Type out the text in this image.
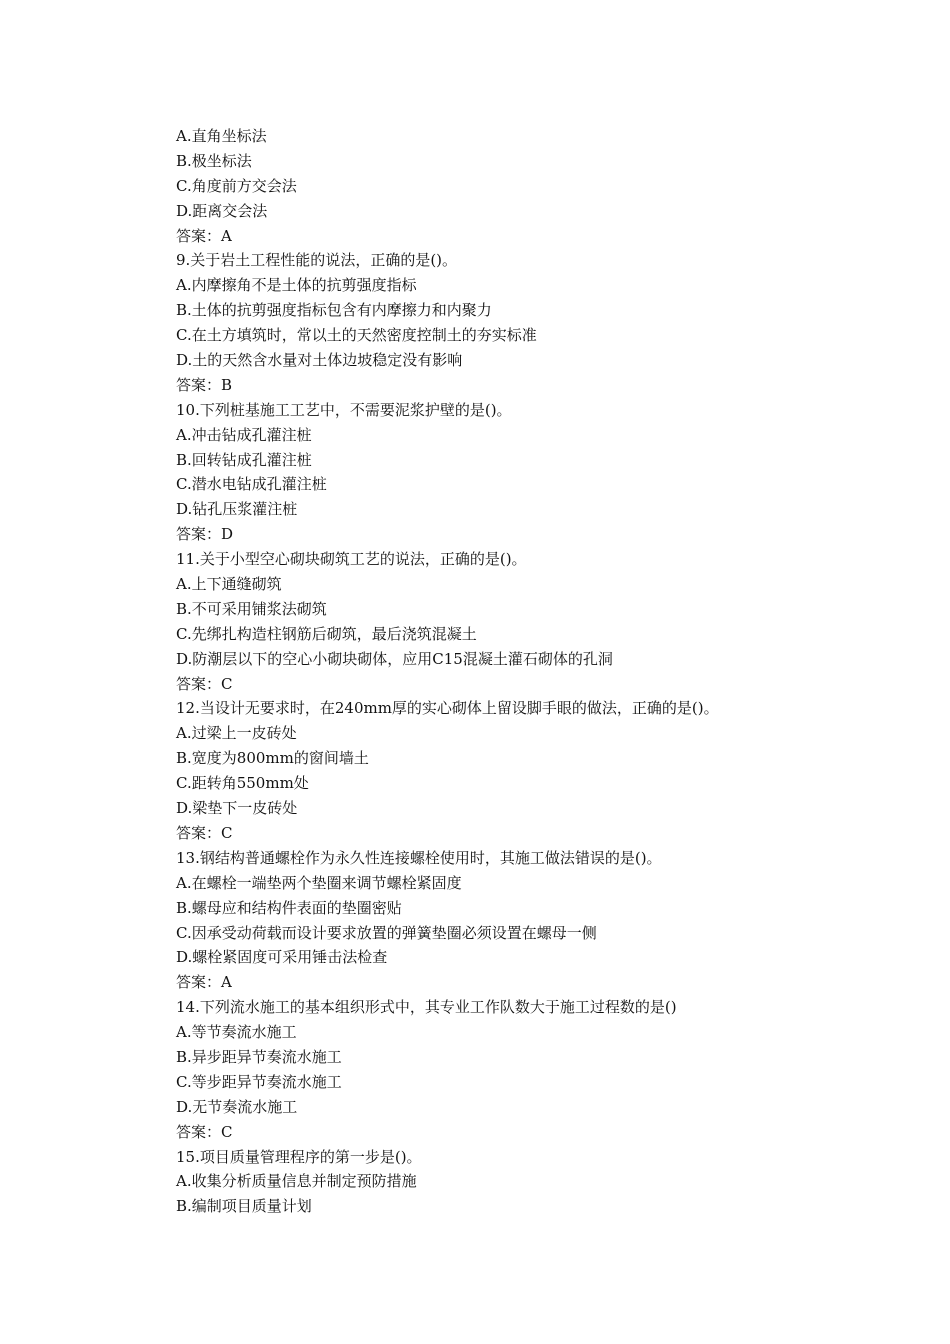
A.直角坐标法
B.极坐标法
C.角度前方交会法
D.距离交会法
答案：A
9.关于岩土工程性能的说法，正确的是()。
A.内摩擦角不是土体的抗剪强度指标
B.土体的抗剪强度指标包含有内摩擦力和内聚力
C.在土方填筑时，常以土的天然密度控制土的夯实标准
D.土的天然含水量对土体边坡稳定没有影响
答案：B
10.下列桩基施工工艺中，不需要泥浆护壁的是()。
A.冲击钻成孔灌注桩
B.回转钻成孔灌注桩
C.潜水电钻成孔灌注桩
D.钻孔压浆灌注桩
答案：D
11.关于小型空心砌块砌筑工艺的说法，正确的是()。
A.上下通缝砌筑
B.不可采用铺浆法砌筑
C.先绑扎构造柱钢筋后砌筑，最后浇筑混凝土
D.防潮层以下的空心小砌块砌体，应用C15混凝土灌石砌体的孔洞
答案：C
12.当设计无要求时，在240mm厚的实心砌体上留设脚手眼的做法，正确的是()。
A.过梁上一皮砖处
B.宽度为800mm的窗间墙土
C.距转角550mm处
D.梁垫下一皮砖处
答案：C
13.钢结构普通螺栓作为永久性连接螺栓使用时，其施工做法错误的是()。
A.在螺栓一端垫两个垫圈来调节螺栓紧固度
B.螺母应和结构件表面的垫圈密贴
C.因承受动荷载而设计要求放置的弹簧垫圈必须设置在螺母一侧
D.螺栓紧固度可采用锤击法检查
答案：A
14.下列流水施工的基本组织形式中，其专业工作队数大于施工过程数的是()
A.等节奏流水施工
B.异步距异节奏流水施工
C.等步距异节奏流水施工
D.无节奏流水施工
答案：C
15.项目质量管理程序的第一步是()。
A.收集分析质量信息并制定预防措施
B.编制项目质量计划
